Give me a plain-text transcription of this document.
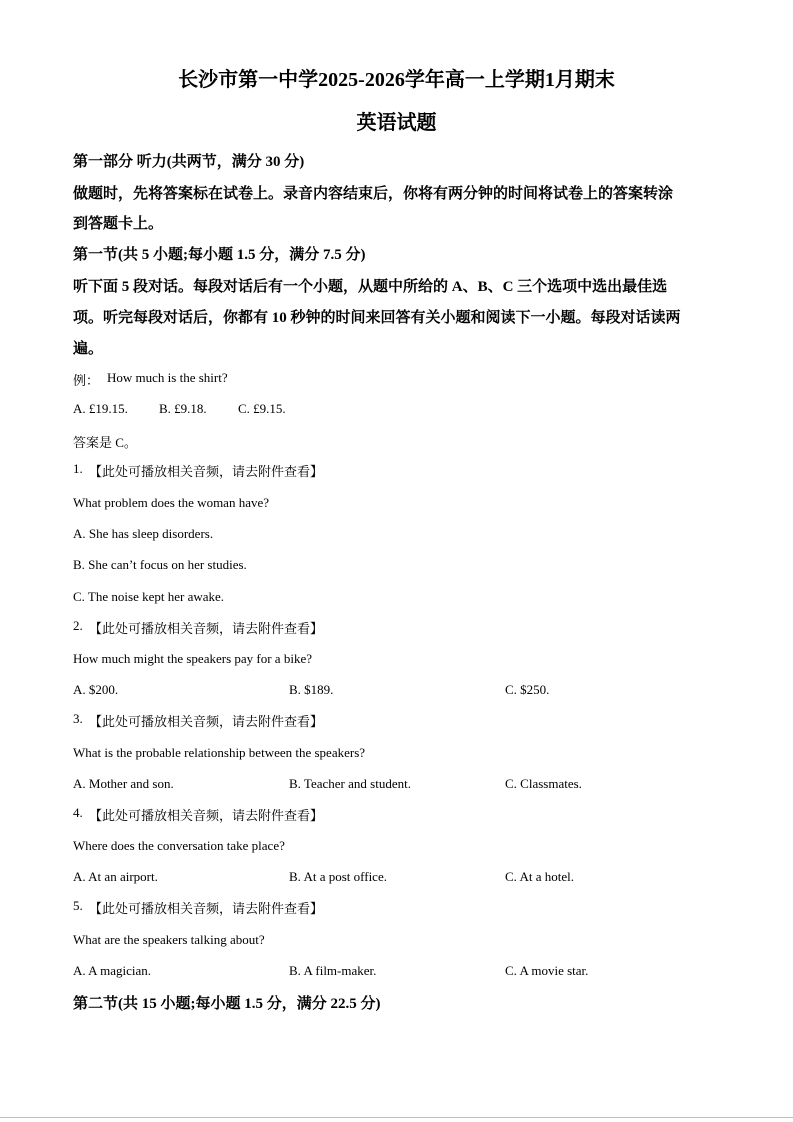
长沙市第一中学2025-2026学年高一上学期1月期末
英语试题
第一部分 听力(共两节，满分 30 分)
做题时，先将答案标在试卷上。录音内容结束后，你将有两分钟的时间将试卷上的答案转涂
到答题卡上。
第一节(共 5 小题;每小题 1.5 分，满分 7.5 分)
听下面 5 段对话。每段对话后有一个小题，从题中所给的 A、B、C 三个选项中选出最佳选
项。听完每段对话后，你都有 10 秒钟的时间来回答有关小题和阅读下一小题。每段对话读两
遍。
例： How much is the shirt?
A. £19.15. B. £9.18. C. £9.15.
答案是 C。
1. 【此处可播放相关音频，请去附件查看】
What problem does the woman have?
A. She has sleep disorders.
B. She can’t focus on her studies.
C. The noise kept her awake.
2. 【此处可播放相关音频，请去附件查看】
How much might the speakers pay for a bike?
A. $200.	B. $189.	C. $250.
3. 【此处可播放相关音频，请去附件查看】
What is the probable relationship between the speakers?
A. Mother and son.	B. Teacher and student.	C. Classmates.
4. 【此处可播放相关音频，请去附件查看】
Where does the conversation take place?
A. At an airport.	B. At a post office.	C. At a hotel.
5. 【此处可播放相关音频，请去附件查看】
What are the speakers talking about?
A. A magician.	B. A film-maker.	C. A movie star.
第二节(共 15 小题;每小题 1.5 分，满分 22.5 分)
